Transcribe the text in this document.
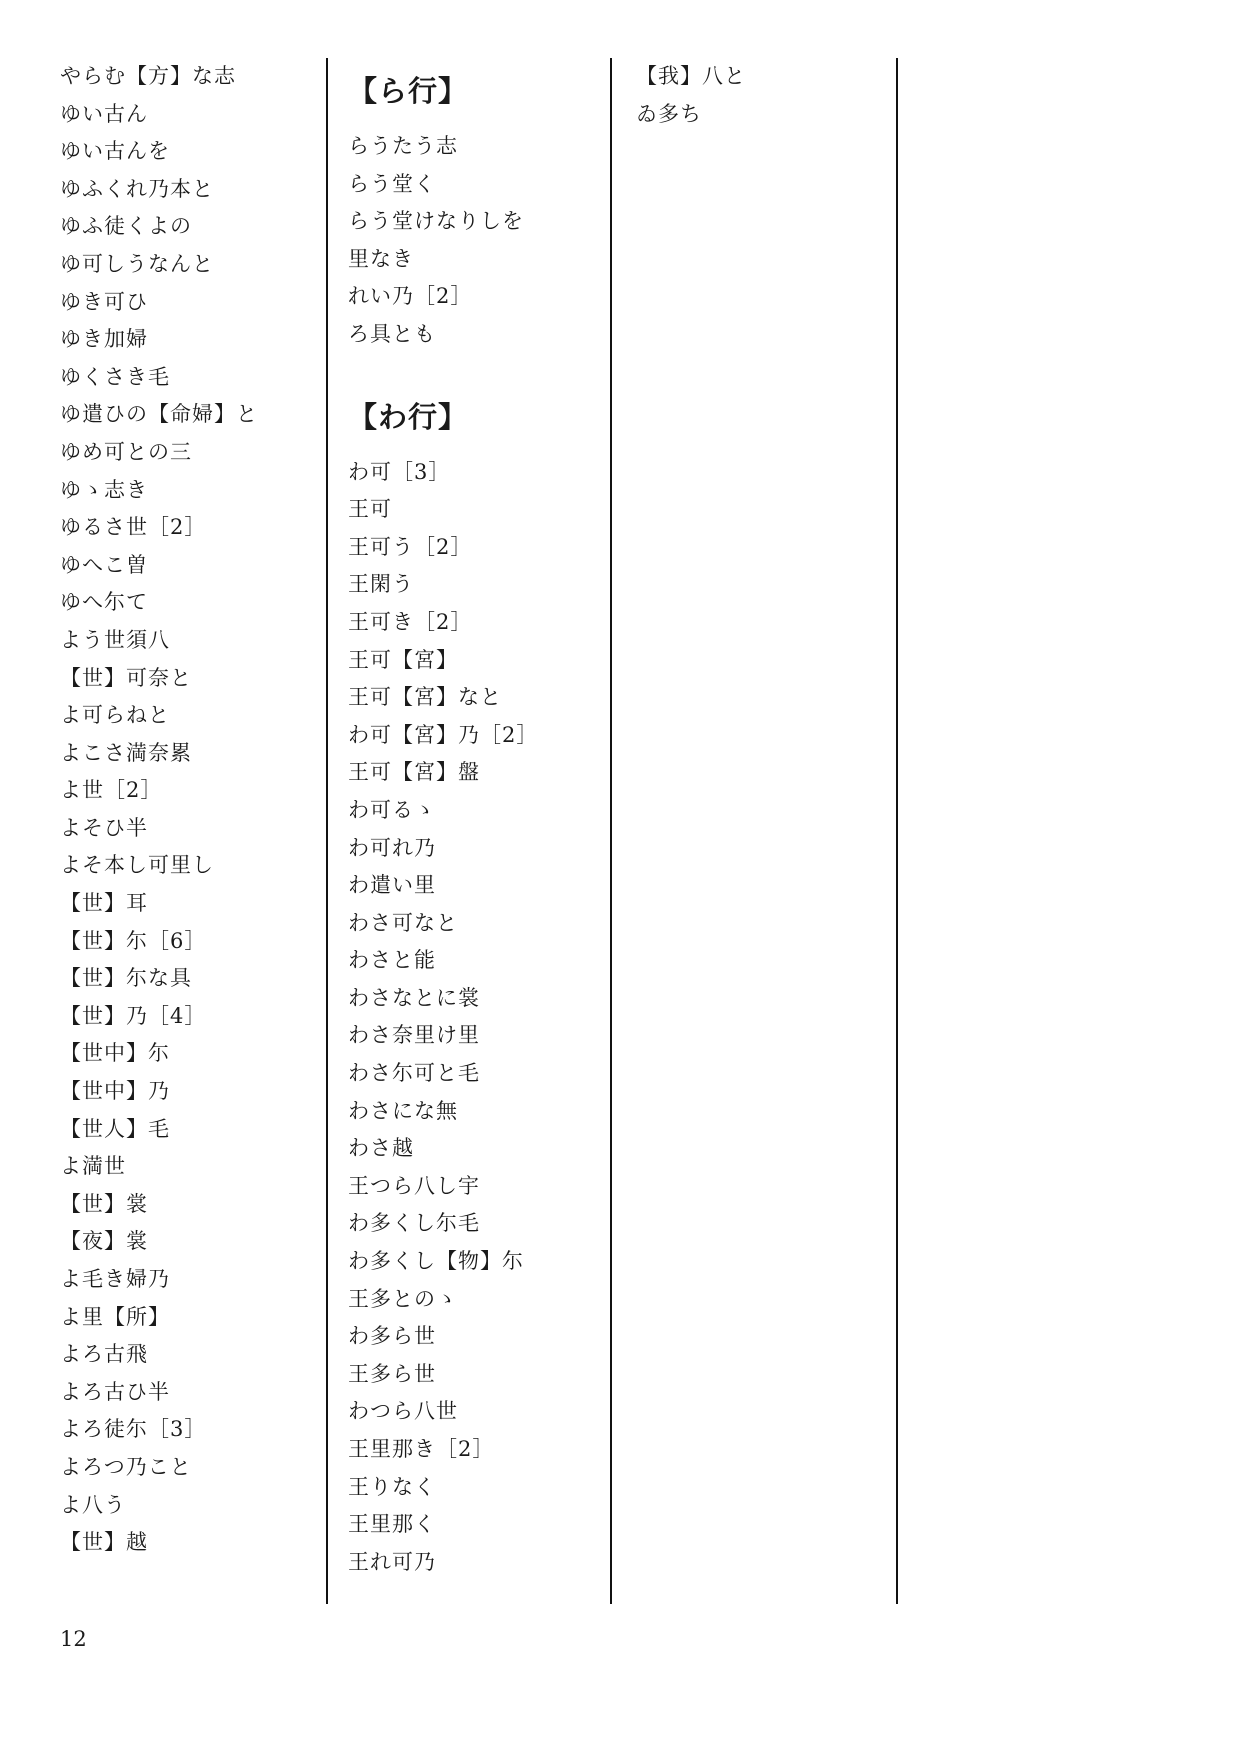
やらむ【方】な志
ゆい古ん
ゆい古んを
ゆふくれ乃本と
ゆふ徒くよの
ゆ可しうなんと
ゆき可ひ
ゆき加婦
ゆくさき毛
ゆ遣ひの【命婦】と
ゆめ可との三
ゆゝ志き
ゆるさ世［2］
ゆへこ曽
ゆへ尓て
よう世須八
【世】可奈と
よ可らねと
よこさ満奈累
よ世［2］
よそひ半
よそ本し可里し
【世】耳
【世】尓［6］
【世】尓な具
【世】乃［4］
【世中】尓
【世中】乃
【世人】毛
よ満世
【世】裳
【夜】裳
よ毛き婦乃
よ里【所】
よろ古飛
よろ古ひ半
よろ徒尓［3］
よろつ乃こと
よ八う
【世】越
【ら行】
らうたう志
らう堂く
らう堂けなりしを
里なき
れい乃［2］
ろ具とも
【わ行】
わ可［3］
王可
王可う［2］
王閑う
王可き［2］
王可【宮】
王可【宮】なと
わ可【宮】乃［2］
王可【宮】盤
わ可るゝ
わ可れ乃
わ遣い里
わさ可なと
わさと能
わさなとに裳
わさ奈里け里
わさ尓可と毛
わさにな無
わさ越
王つら八し宇
わ多くし尓毛
わ多くし【物】尓
王多とのゝ
わ多ら世
王多ら世
わつら八世
王里那き［2］
王りなく
王里那く
王れ可乃
【我】八と
ゐ多ち
12
